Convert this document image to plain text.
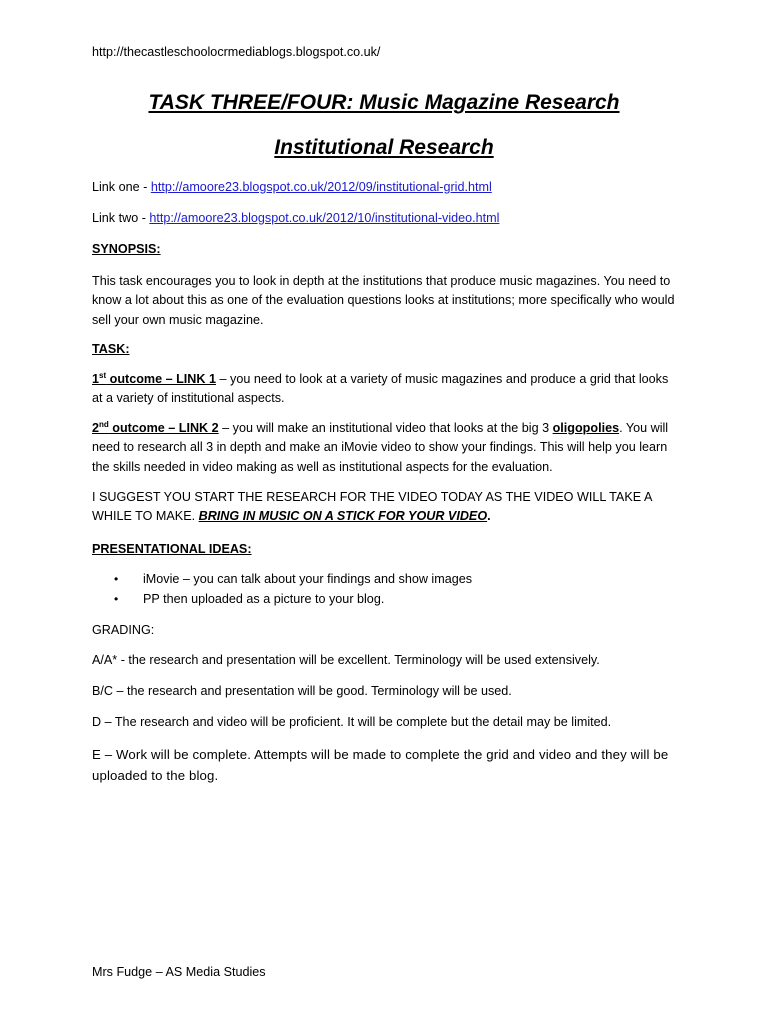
http://thecastleschoolocrmediablogs.blogspot.co.uk/
TASK THREE/FOUR: Music Magazine Research
Institutional Research
Link one - http://amoore23.blogspot.co.uk/2012/09/institutional-grid.html
Link two - http://amoore23.blogspot.co.uk/2012/10/institutional-video.html
SYNOPSIS:
This task encourages you to look in depth at the institutions that produce music magazines. You need to know a lot about this as one of the evaluation questions looks at institutions; more specifically who would sell your own music magazine.
TASK:
1st outcome – LINK 1 – you need to look at a variety of music magazines and produce a grid that looks at a variety of institutional aspects.
2nd outcome – LINK 2 – you will make an institutional video that looks at the big 3 oligopolies. You will need to research all 3 in depth and make an iMovie video to show your findings. This will help you learn the skills needed in video making as well as institutional aspects for the evaluation.
I SUGGEST YOU START THE RESEARCH FOR THE VIDEO TODAY AS THE VIDEO WILL TAKE A WHILE TO MAKE. BRING IN MUSIC ON A STICK FOR YOUR VIDEO.
PRESENTATIONAL IDEAS:
• iMovie – you can talk about your findings and show images
• PP then uploaded as a picture to your blog.
GRADING:
A/A* - the research and presentation will be excellent. Terminology will be used extensively.
B/C – the research and presentation will be good. Terminology will be used.
D – The research and video will be proficient. It will be complete but the detail may be limited.
E – Work will be complete. Attempts will be made to complete the grid and video and they will be uploaded to the blog.
Mrs Fudge – AS Media Studies
